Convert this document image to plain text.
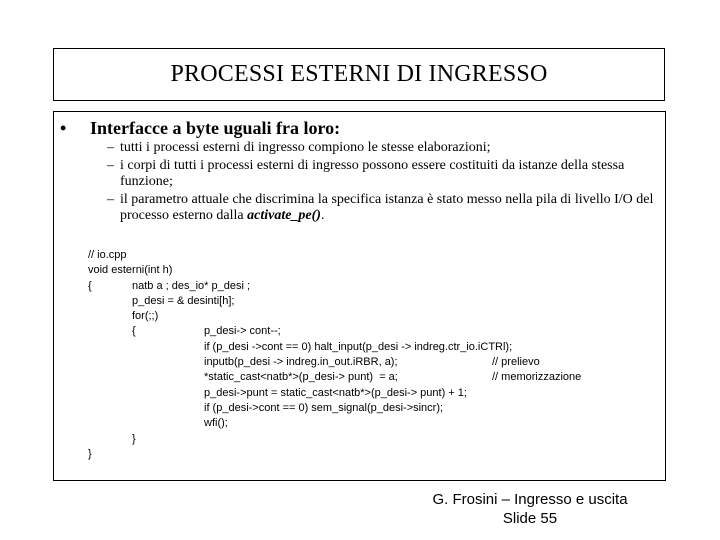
PROCESSI ESTERNI DI INGRESSO
•	Interfacce a byte uguali fra loro:
– tutti i processi esterni di ingresso compiono le stesse elaborazioni;
– i corpi di tutti i processi esterni di ingresso possono essere costituiti da istanze della stessa funzione;
– il parametro attuale che discrimina la specifica istanza è stato messo nella pila di livello I/O del processo esterno dalla activate_pe().
// io.cpp
void esterni(int h)
{	natb a ; des_io* p_desi ;
p_desi = & desinti[h];
for(;;)
{	p_desi-> cont--;
if (p_desi ->cont == 0) halt_input(p_desi -> indreg.ctr_io.iCTRl);
inputb(p_desi -> indreg.in_out.iRBR, a);	// prelievo
*static_cast<natb*>(p_desi-> punt)  = a;	// memorizzazione
p_desi->punt = static_cast<natb*>(p_desi-> punt) + 1;
if (p_desi->cont == 0) sem_signal(p_desi->sincr);
wfi();
}
}
G. Frosini – Ingresso e uscita
Slide 55
